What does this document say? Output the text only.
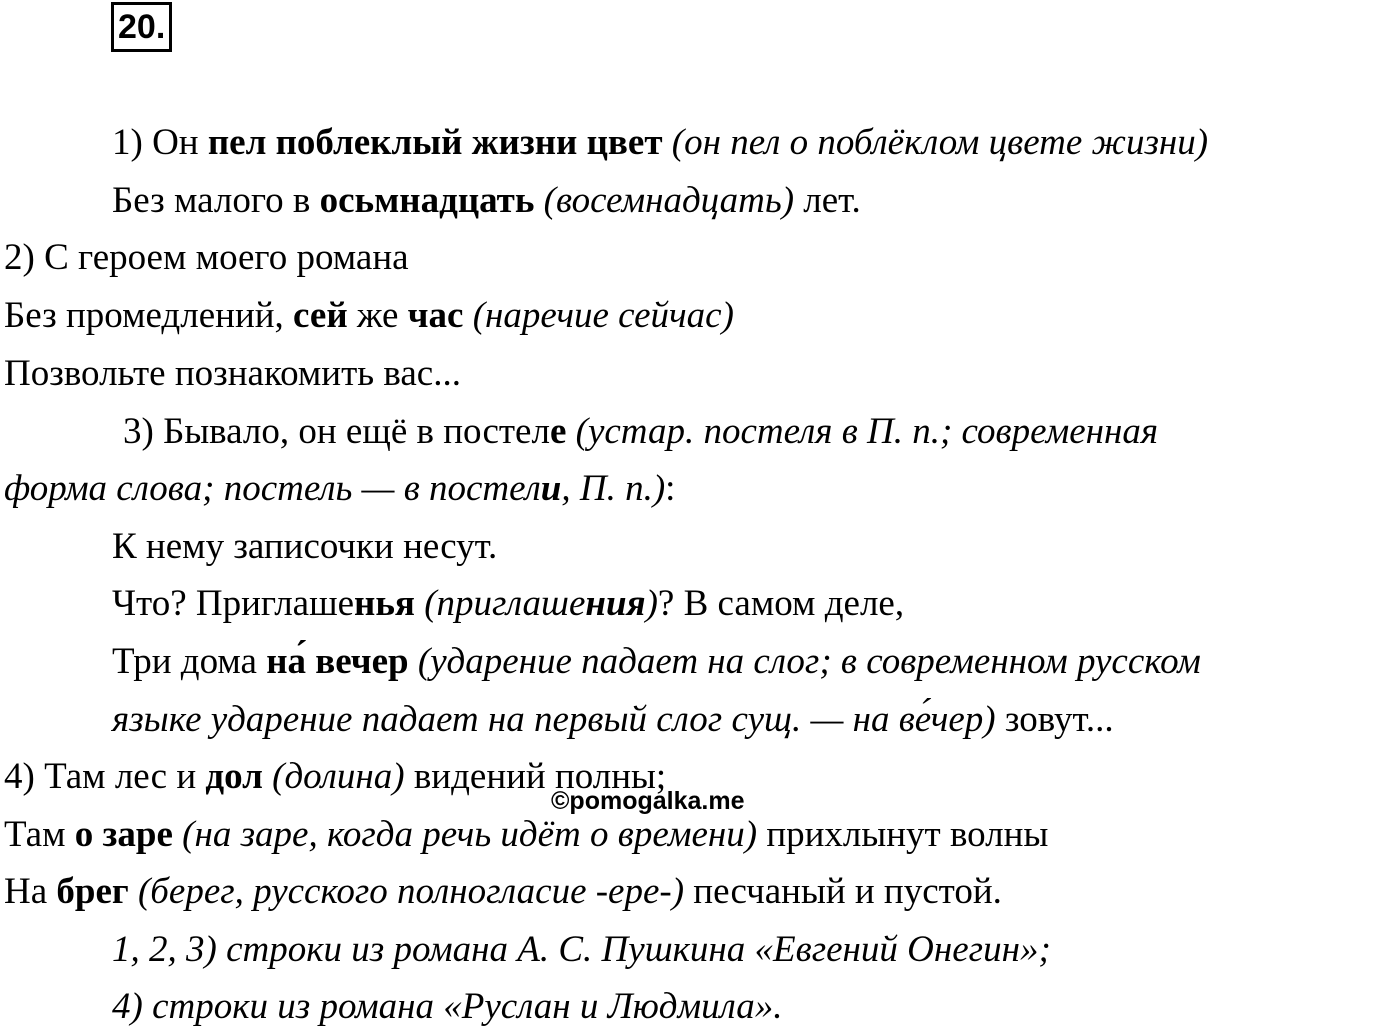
20.
1) Он пел поблеклый жизни цвет (он пел о поблёклом цвете жизни)
Без малого в осьмнадцать (восемнадцать) лет.
2) С героем моего романа
Без промедлений, сей же час (наречие сейчас)
Позвольте познакомить вас...
3) Бывало, он ещё в постеле (устар. постеля в П. п.; современная
форма слова; постель — в постели, П. п.):
К нему записочки несут.
Что? Приглашенья (приглашения)? В самом деле,
Три дома на́ вечер (ударение падает на слог; в современном русском
языке ударение падает на первый слог сущ. — на ве́чер) зовут...
4) Там лес и дол (долина) видений полны;
Там о заре (на заре, когда речь идёт о времени) прихлынут волны
На брег (берег, русского полногласие -ере-) песчаный и пустой.
1, 2, 3) строки из романа А. С. Пушкина «Евгений Онегин»;
4) строки из романа «Руслан и Людмила».
©pomogalka.me
